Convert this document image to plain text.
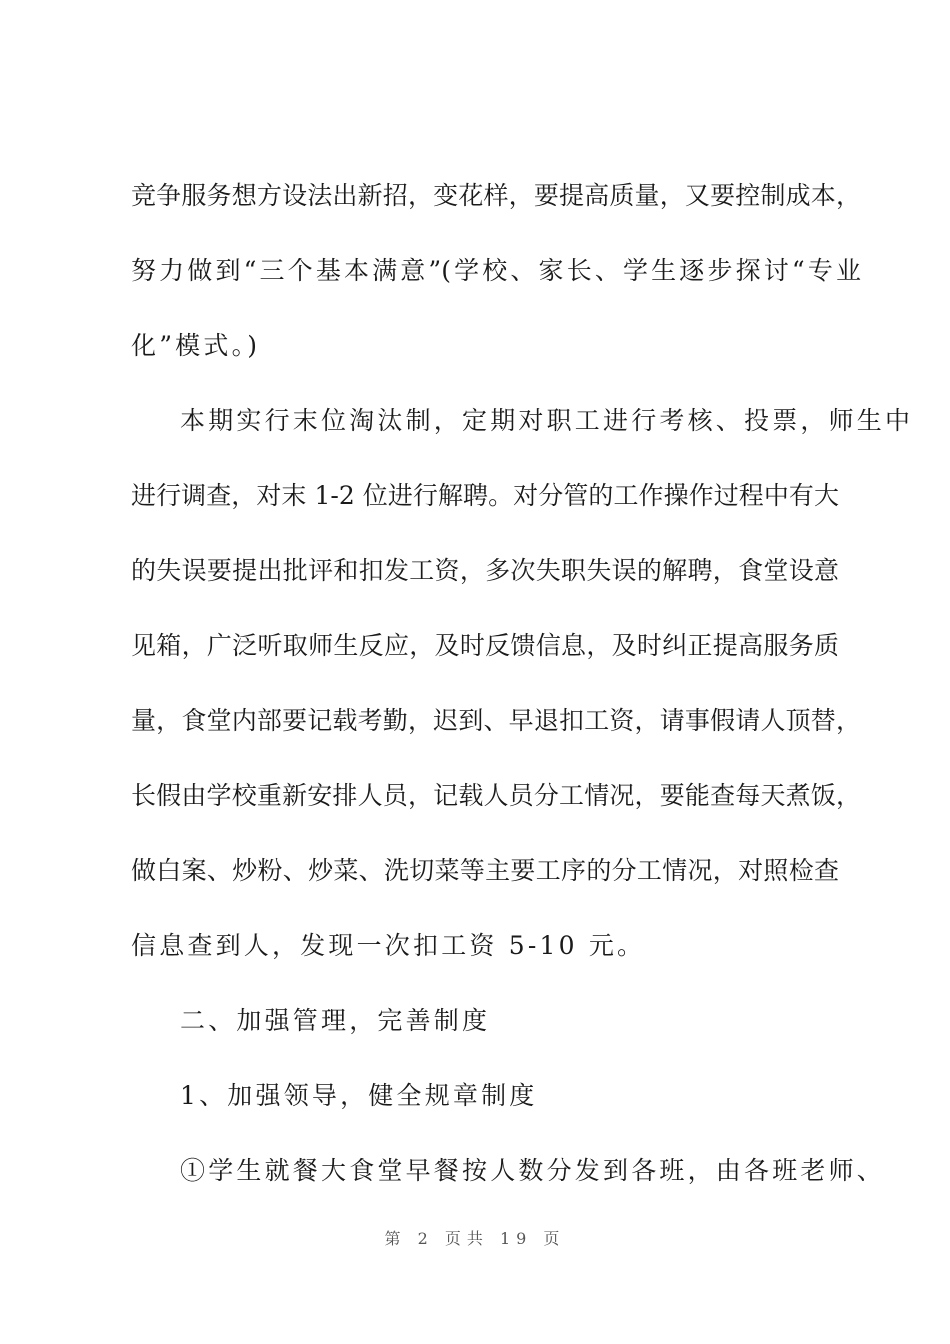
竞争服务想方设法出新招，变花样，要提高质量，又要控制成本，
努力做到“三个基本满意”(学校、家长、学生逐步探讨“专业
化”模式。)
本期实行末位淘汰制，定期对职工进行考核、投票，师生中
进行调查，对末 1-2 位进行解聘。对分管的工作操作过程中有大
的失误要提出批评和扣发工资，多次失职失误的解聘，食堂设意
见箱，广泛听取师生反应，及时反馈信息，及时纠正提高服务质
量，食堂内部要记载考勤，迟到、早退扣工资，请事假请人顶替，
长假由学校重新安排人员，记载人员分工情况，要能查每天煮饭，
做白案、炒粉、炒菜、洗切菜等主要工序的分工情况，对照检查
信息查到人，发现一次扣工资 5-10 元。
二、加强管理，完善制度
1、加强领导，健全规章制度
①学生就餐大食堂早餐按人数分发到各班，由各班老师、
第 2 页共 19 页
